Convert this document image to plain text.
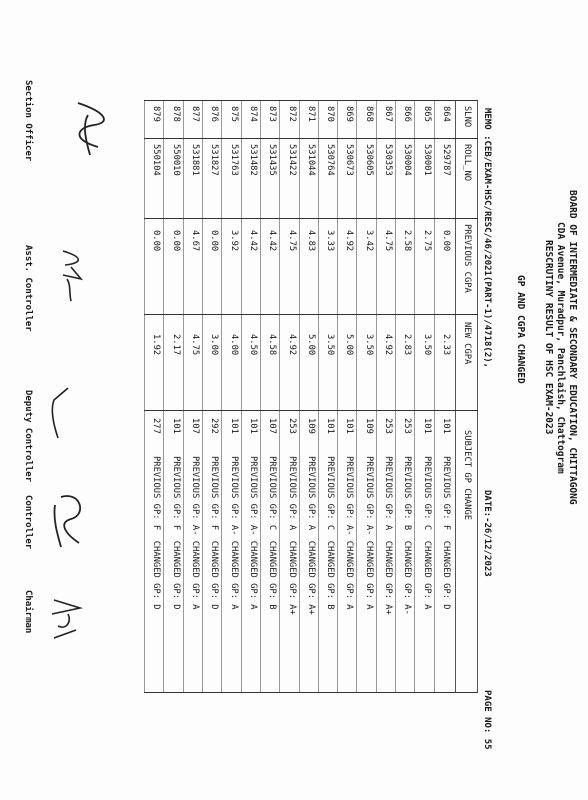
BOARD OF INTERMEDIATE & SECONDARY EDUCATION, CHITTAGONG
CDA Avenue, Muradpur, Panchlaish, Chattogram
RESCRUTINY RESULT OF HSC EXAM-2023
GP AND CGPA CHANGED
MEMO :CEB/EXAM-HSC/RESC/46/2021(PART-1)/4718(2),
DATE:-26/12/2023
PAGE NO: 55

SLNO

ROLL_NO

PREVIOUS CGPA

NEW CGPA

SUBJECT GP CHANGE

864
529787
0.00
2.33
101
PREVIOUS GP: F  CHANGED GP: D
865
530001
2.75
3.50
101
PREVIOUS GP: C  CHANGED GP: A
866
530004
2.58
2.83
253
PREVIOUS GP: B  CHANGED GP: A-
867
530353
4.75
4.92
253
PREVIOUS GP: A  CHANGED GP: A+
868
530605
3.42
3.50
109
PREVIOUS GP: A- CHANGED GP: A
869
530673
4.92
5.00
101
PREVIOUS GP: A- CHANGED GP: A
870
530764
3.33
3.50
101
PREVIOUS GP: C  CHANGED GP: B
871
531044
4.83
5.00
109
PREVIOUS GP: A  CHANGED GP: A+
872
531422
4.75
4.92
253
PREVIOUS GP: A  CHANGED GP: A+
873
531435
4.42
4.58
107
PREVIOUS GP: C  CHANGED GP: B
874
531482
4.42
4.50
101
PREVIOUS GP: A- CHANGED GP: A
875
531763
3.92
4.00
101
PREVIOUS GP: A- CHANGED GP: A
876
531827
0.00
3.00
292
PREVIOUS GP: F  CHANGED GP: D
877
531881
4.67
4.75
107
PREVIOUS GP: A- CHANGED GP: A
878
550010
0.00
2.17
101
PREVIOUS GP: F  CHANGED GP: D
879
550104
0.00
1.92
277
PREVIOUS GP: F  CHANGED GP: D
Section Officer
Asst. Controller
Deputy Controller
Controller
Chairman
